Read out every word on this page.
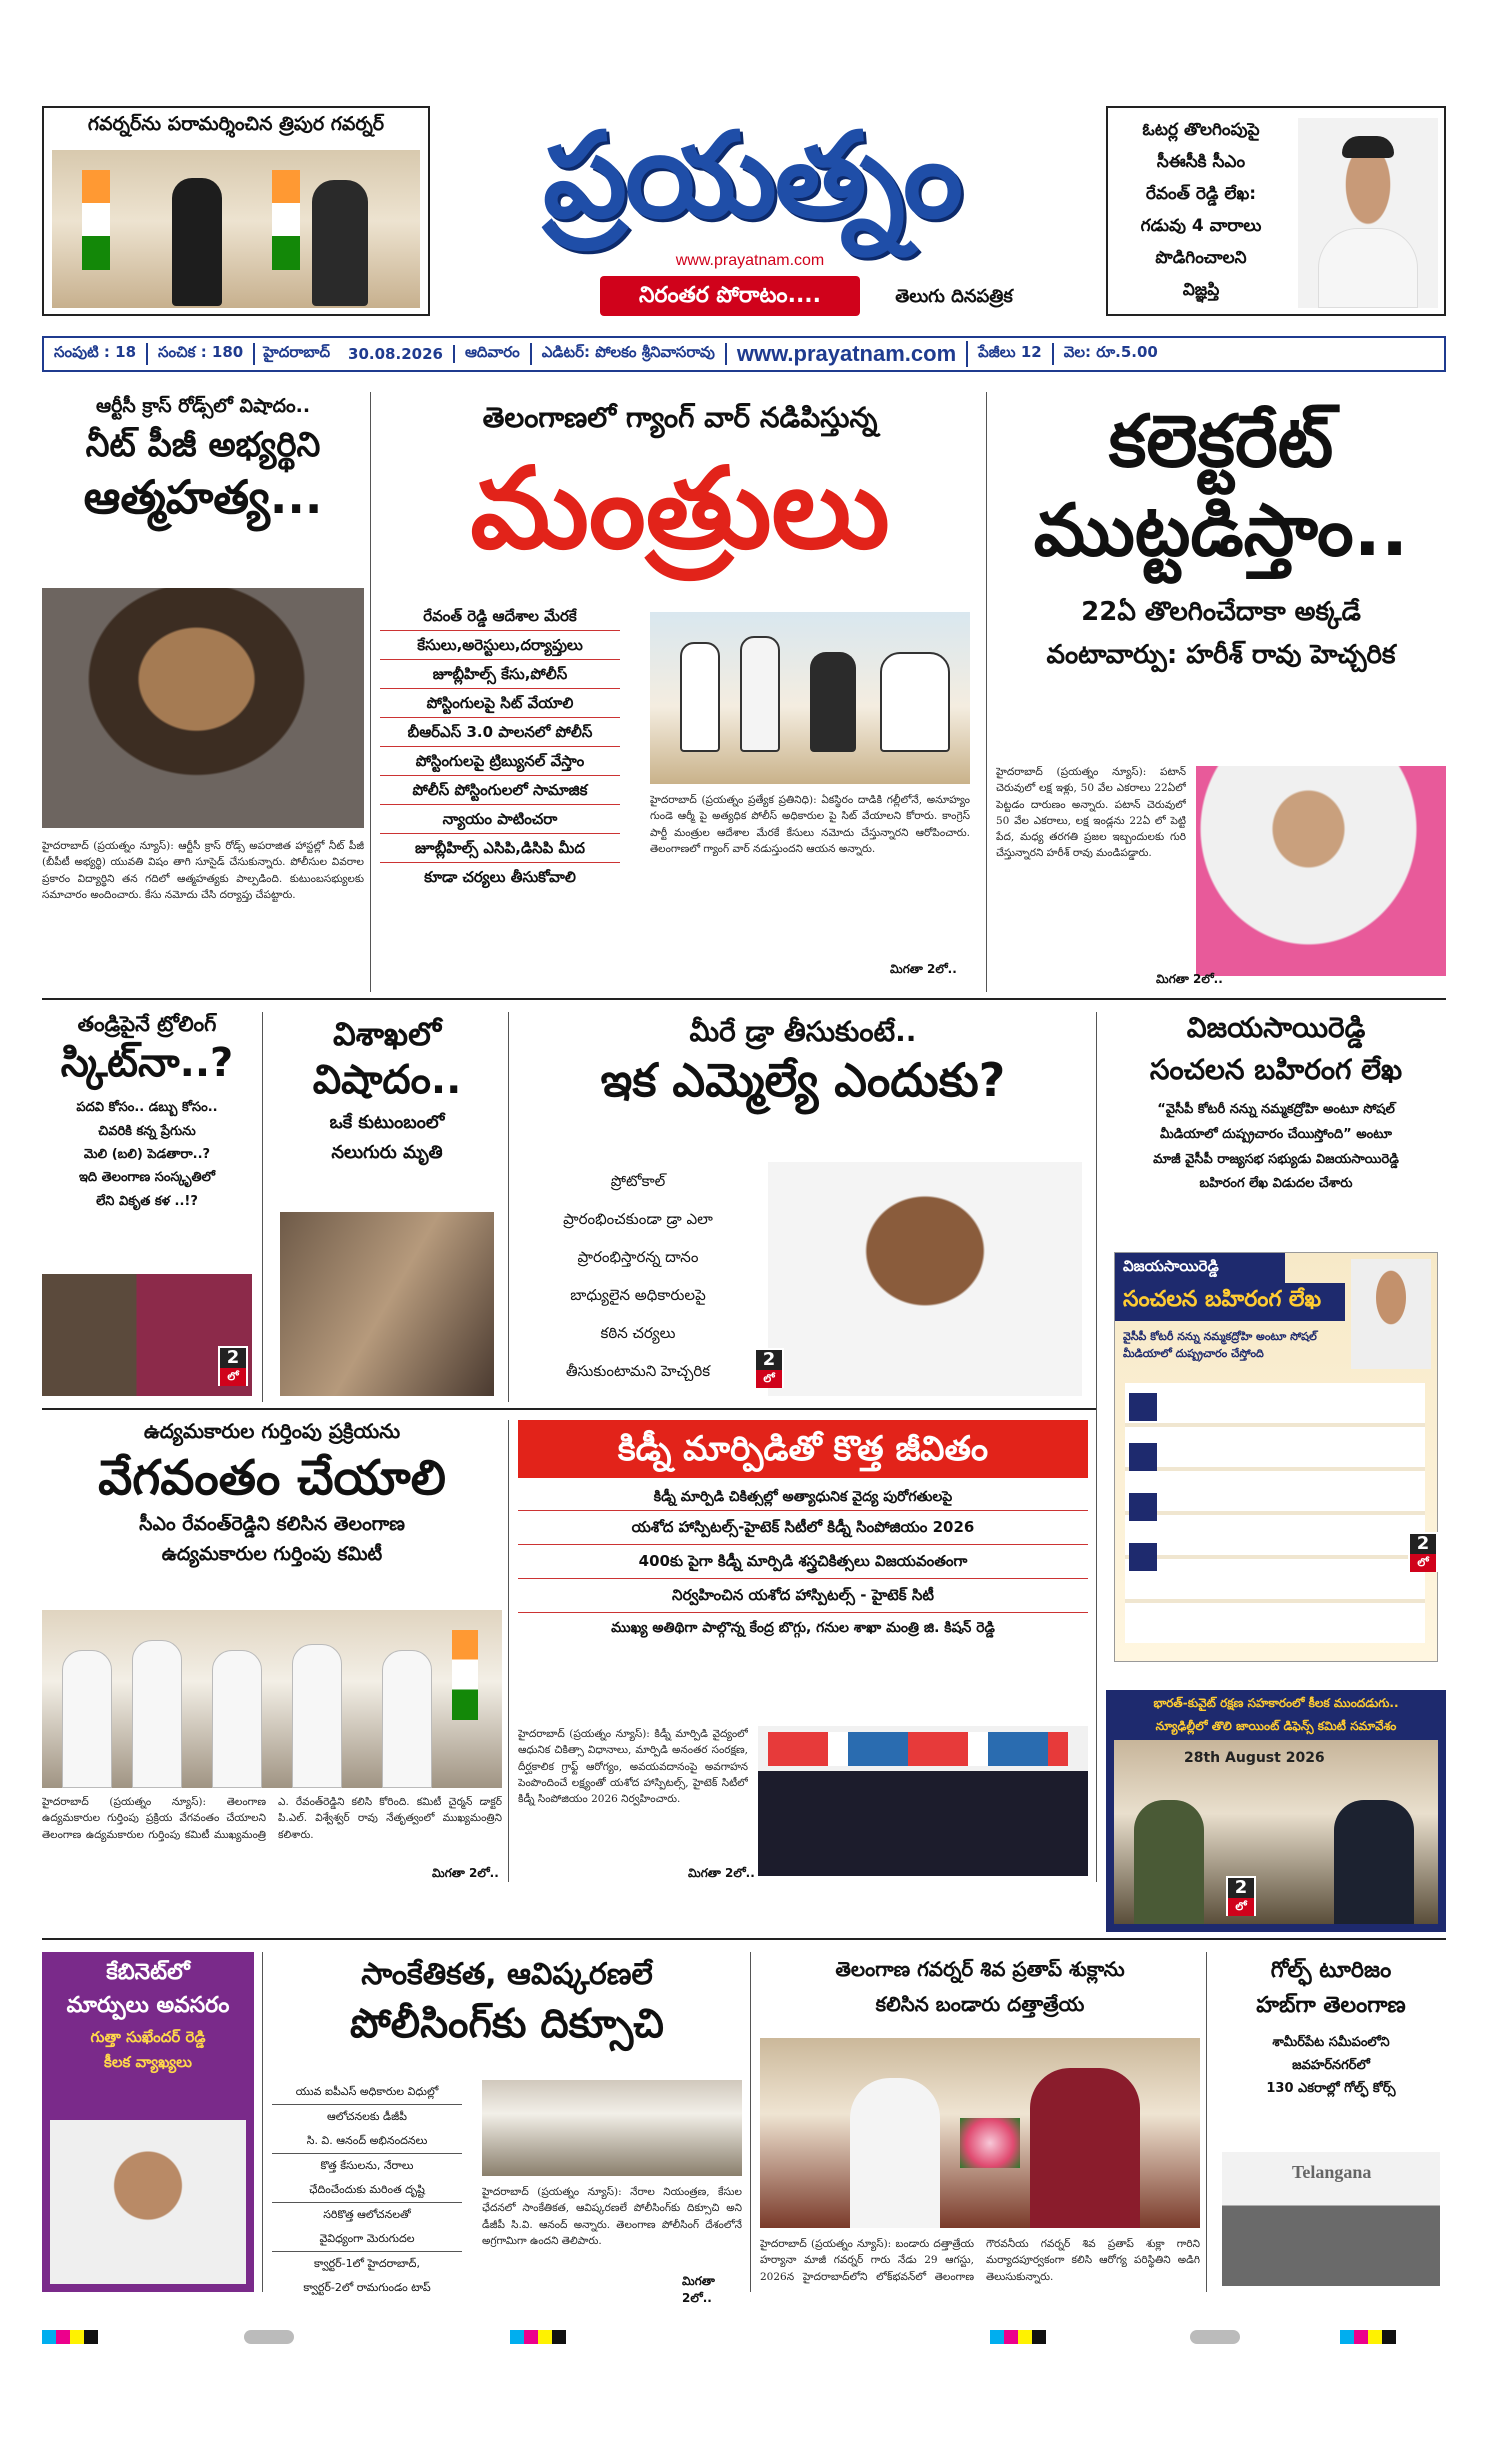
గవర్నర్‌ను పరామర్శించిన త్రిపుర గవర్నర్	ప్రయత్నం
www.prayatnam.com
నిరంతర పోరాటం....	తెలుగు దినపత్రిక
ఓటర్ల తొలగింపుపై
సీఈసీకి సీఎం
రేవంత్ రెడ్డి లేఖ:
గడువు 4 వారాలు
పొడిగించాలని
విజ్ఞప్తి
సంపుటి : 18	సంచిక : 180	హైదరాబాద్	30.08.2026	ఆదివారం	ఎడిటర్: పోలకం శ్రీనివాసరావు	www.prayatnam.com	పేజీలు 12	వెల: రూ.5.00
ఆర్టీసీ క్రాస్ రోడ్స్‌లో విషాదం..
నీట్ పీజీ అభ్యర్థిని
ఆత్మహత్య...
హైదరాబాద్ (ప్రయత్నం న్యూస్): ఆర్టీసీ క్రాస్ రోడ్స్ అపరాజిత హాస్టల్లో నీట్ పీజీ (బీపీటీ అభ్యర్థి) యువతి విషం తాగి సూసైడ్ చేసుకున్నారు. పోలీసుల వివరాల ప్రకారం విద్యార్థిని తన గదిలో ఆత్మహత్యకు పాల్పడింది. కుటుంబసభ్యులకు సమాచారం అందించారు. కేసు నమోదు చేసి దర్యాప్తు చేపట్టారు.
తెలంగాణలో గ్యాంగ్ వార్ నడిపిస్తున్న
మంత్రులు
రేవంత్ రెడ్డి ఆదేశాల మేరకే
కేసులు,అరెస్టులు,దర్యాప్తులు
జూబ్లీహిల్స్ కేసు,పోలీస్
పోస్టింగులపై సిట్ వేయాలి
బీఆర్ఎస్ 3.0 పాలనలో పోలీస్
పోస్టింగులపై ట్రిబ్యునల్ వేస్తాం
పోలీస్ పోస్టింగులలో సామాజిక
న్యాయం పాటించరా
జూబ్లీహిల్స్ ఎసిపి,డిసిపి మీద
కూడా చర్యలు తీసుకోవాలి
హైదరాబాద్ (ప్రయత్నం ప్రత్యేక ప్రతినిధి): ఏకస్థిరం దాడికి గల్లీలోనే, అనూహ్యం గుండె ఆర్మీ పై అత్యధిక పోలీస్ అధికారుల పై సిట్ వేయాలని కోరారు. కాంగ్రెస్ పార్టీ మంత్రుల ఆదేశాల మేరకే కేసులు నమోదు చేస్తున్నారని ఆరోపించారు. తెలంగాణలో గ్యాంగ్ వార్ నడుస్తుందని ఆయన అన్నారు.
మిగతా 2లో..
కలెక్టరేట్
ముట్టడిస్తాం..
22ఏ తొలగించేదాకా అక్కడే
వంటావార్పు: హరీశ్ రావు హెచ్చరిక
హైదరాబాద్ (ప్రయత్నం న్యూస్): పటాన్ చెరువులో లక్ష ఇళ్లు, 50 వేల ఎకరాలు 22ఏలో పెట్టడం దారుణం అన్నారు. పటాన్ చెరువులో 50 వేల ఎకరాలు, లక్ష ఇండ్లను 22ఏ లో పెట్టి పేద, మధ్య తరగతి ప్రజల ఇబ్బందులకు గురి చేస్తున్నారని హరీశ్ రావు మండిపడ్డారు.
మిగతా 2లో..
తండ్రిపైనే ట్రోలింగ్
స్కిట్‌నా..?
పదవి కోసం.. డబ్బు కోసం..
చివరికి కన్న ప్రేగును
మెలి (బలి) పెడతారా..?
ఇది తెలంగాణ సంస్కృతిలో
లేని వికృత కళ ..!?
2
లో
విశాఖలో
విషాదం..
ఒకే కుటుంబంలో
నలుగురు మృతి
మీరే డ్రా తీసుకుంటే..
ఇక ఎమ్మెల్యే ఎందుకు?
ప్రోటోకాల్
ప్రారంభించకుండా డ్రా ఎలా
ప్రారంభిస్తారన్న దానం
బాధ్యులైన అధికారులపై
కఠిన చర్యలు
తీసుకుంటామని హెచ్చరిక
2
లో
విజయసాయిరెడ్డి
సంచలన బహిరంగ లేఖ
“వైసీపీ కోటరీ నన్ను నమ్మకద్రోహి అంటూ సోషల్
మీడియాలో దుష్ప్రచారం చేయిస్తోంది” అంటూ
మాజీ వైసీపీ రాజ్యసభ సభ్యుడు విజయసాయిరెడ్డి
బహిరంగ లేఖ విడుదల చేశారు
విజయసాయిరెడ్డి
సంచలన బహిరంగ లేఖ
వైసీపీ కోటరీ నన్ను నమ్మకద్రోహి అంటూ సోషల్ మీడియాలో దుష్ప్రచారం చేస్తోంది
2
లో
ఉద్యమకారుల గుర్తింపు ప్రక్రియను
వేగవంతం చేయాలి
సీఎం రేవంత్‌రెడ్డిని కలిసిన తెలంగాణ
ఉద్యమకారుల గుర్తింపు కమిటీ
హైదరాబాద్ (ప్రయత్నం న్యూస్): తెలంగాణ ఉద్యమకారుల గుర్తింపు ప్రక్రియ వేగవంతం చేయాలని తెలంగాణ ఉద్యమకారుల గుర్తింపు కమిటీ ముఖ్యమంత్రి ఎ. రేవంత్‌రెడ్డిని కలిసి కోరింది. కమిటీ చైర్మన్ డాక్టర్ పి.ఎల్. విశ్వేశ్వర్ రావు నేతృత్వంలో ముఖ్యమంత్రిని కలిశారు.
మిగతా 2లో..
కిడ్నీ మార్పిడితో కొత్త జీవితం
కిడ్నీ మార్పిడి చికిత్సల్లో అత్యాధునిక వైద్య పురోగతులపై
యశోద హాస్పిటల్స్-హైటెక్ సిటీలో కిడ్నీ సింపోజియం 2026
400కు పైగా కిడ్నీ మార్పిడి శస్త్రచికిత్సలు విజయవంతంగా
నిర్వహించిన యశోద హాస్పిటల్స్ - హైటెక్ సిటీ
ముఖ్య అతిథిగా పాల్గొన్న కేంద్ర బొగ్గు, గనుల శాఖా మంత్రి జి. కిషన్ రెడ్డి
హైదరాబాద్ (ప్రయత్నం న్యూస్): కిడ్నీ మార్పిడి వైద్యంలో ఆధునిక చికిత్సా విధానాలు, మార్పిడి అనంతర సంరక్షణ, దీర్ఘకాలిక గ్రాఫ్ట్ ఆరోగ్యం, అవయవదానంపై అవగాహన పెంపొందించే లక్ష్యంతో యశోద హాస్పిటల్స్, హైటెక్ సిటీలో కిడ్నీ సింపోజియం 2026 నిర్వహించారు.
మిగతా 2లో..
భారత్-కువైట్ రక్షణ సహకారంలో కీలక ముందడుగు..
న్యూఢిల్లీలో తొలి జాయింట్ డిఫెన్స్ కమిటీ సమావేశం
28th August 2026
2
లో
కేబినెట్‌లో
మార్పులు అవసరం
గుత్తా సుఖేందర్ రెడ్డి
కీలక వ్యాఖ్యలు
సాంకేతికత, ఆవిష్కరణలే
పోలీసింగ్‌కు దిక్సూచి
యువ ఐపీఎస్ అధికారుల విధుల్లో
ఆలోచనలకు డీజీపీ
సి. వి. ఆనంద్ అభినందనలు
కొత్త కేసులను, నేరాలు
ఛేదించేందుకు మరింత దృష్టి
సరికొత్త ఆలోచనలతో
వైవిధ్యంగా మెరుగుదల
క్వార్టర్-1లో హైదరాబాద్,
క్వార్టర్-2లో రామగుండం టాప్
హైదరాబాద్ (ప్రయత్నం న్యూస్): నేరాల నియంత్రణ, కేసుల ఛేదనలో సాంకేతికత, ఆవిష్కరణలే పోలీసింగ్‌కు దిక్సూచి అని డీజీపీ సి.వి. ఆనంద్ అన్నారు. తెలంగాణ పోలీసింగ్ దేశంలోనే అగ్రగామిగా ఉందని తెలిపారు.
మిగతా 2లో..
తెలంగాణ గవర్నర్ శివ ప్రతాప్ శుక్లాను
కలిసిన బండారు దత్తాత్రేయ
హైదరాబాద్ (ప్రయత్నం న్యూస్): బండారు దత్తాత్రేయ హర్యానా మాజీ గవర్నర్ గారు నేడు 29 ఆగస్టు, 2026న హైదరాబాద్‌లోని లోక్‌భవన్‌లో తెలంగాణ గౌరవనీయ గవర్నర్ శివ ప్రతాప్ శుక్లా గారిని మర్యాదపూర్వకంగా కలిసి ఆరోగ్య పరిస్థితిని అడిగి తెలుసుకున్నారు.
గోల్ఫ్ టూరిజం
హబ్‌గా తెలంగాణ
శామీర్‌పేట సమీపంలోని
జవహర్‌నగర్‌లో
130 ఎకరాల్లో గోల్ఫ్ కోర్స్
Telangana
